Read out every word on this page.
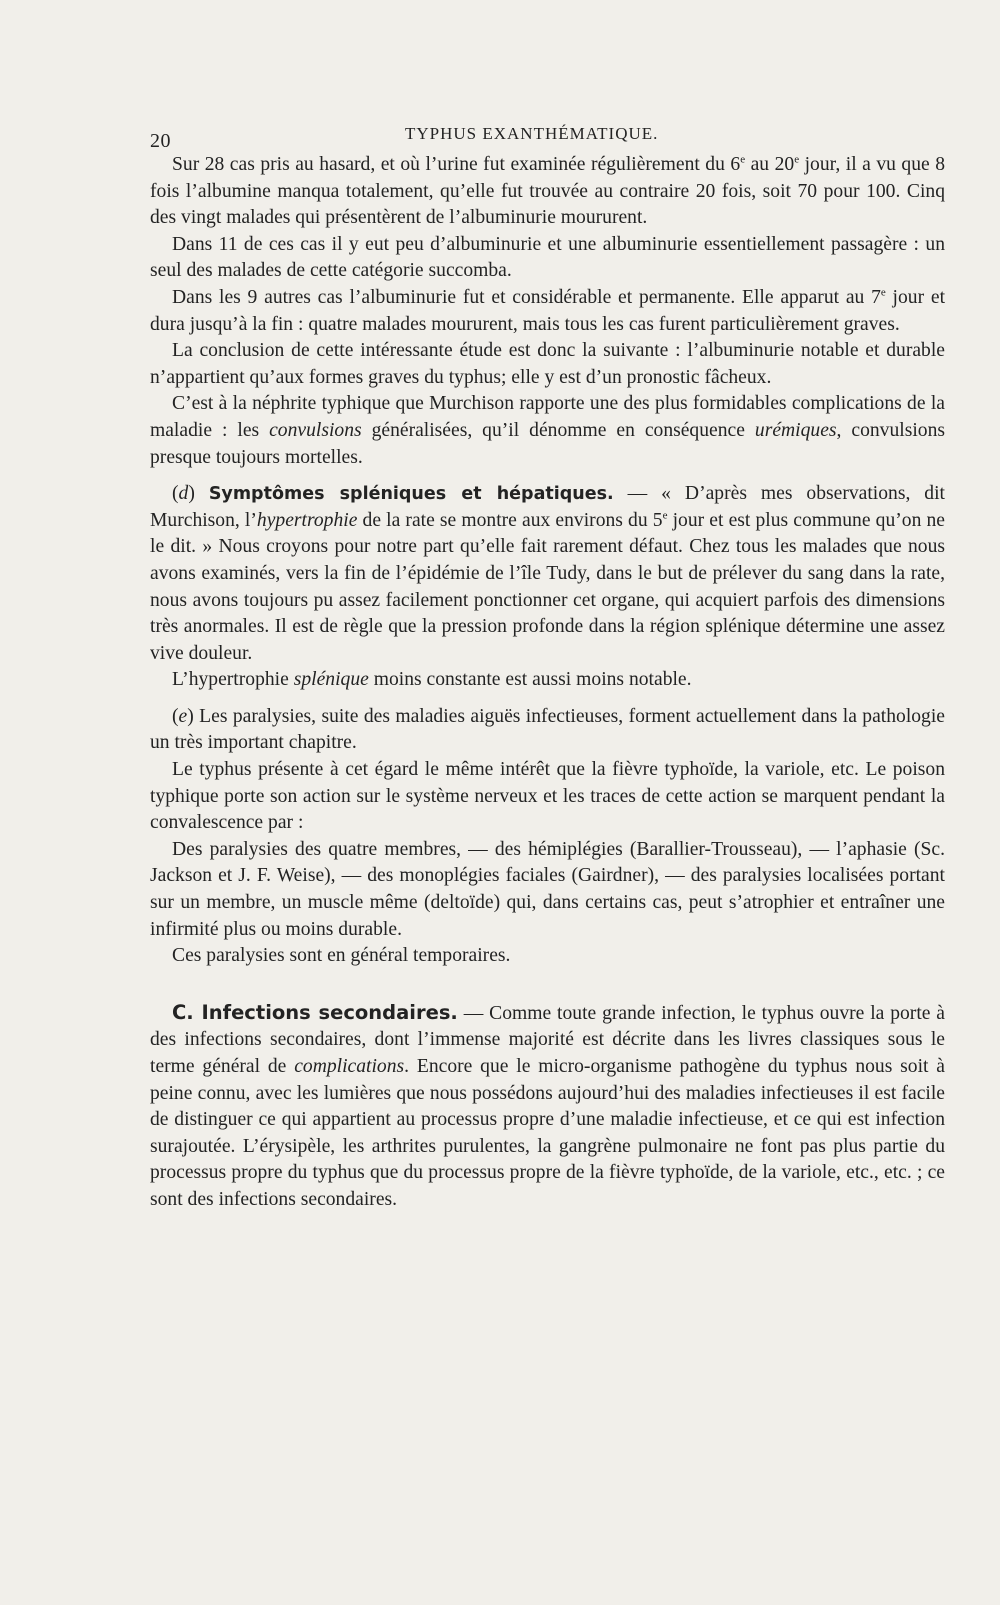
20	TYPHUS EXANTHÉMATIQUE.

Sur 28 cas pris au hasard, et où l’urine fut examinée régulièrement du 6e au 20e jour, il a vu que 8 fois l’albumine manqua totalement, qu’elle fut trouvée au contraire 20 fois, soit 70 pour 100. Cinq des vingt malades qui présentèrent de l’albuminurie moururent.

Dans 11 de ces cas il y eut peu d’albuminurie et une albuminurie essentiellement passagère : un seul des malades de cette catégorie succomba.

Dans les 9 autres cas l’albuminurie fut et considérable et permanente. Elle apparut au 7e jour et dura jusqu’à la fin : quatre malades moururent, mais tous les cas furent particulièrement graves.

La conclusion de cette intéressante étude est donc la suivante : l’albuminurie notable et durable n’appartient qu’aux formes graves du typhus; elle y est d’un pronostic fâcheux.

C’est à la néphrite typhique que Murchison rapporte une des plus formidables complications de la maladie : les convulsions généralisées, qu’il dénomme en conséquence urémiques, convulsions presque toujours mortelles.

(d) Symptômes spléniques et hépatiques. — « D’après mes observations, dit Murchison, l’hypertrophie de la rate se montre aux environs du 5e jour et est plus commune qu’on ne le dit. » Nous croyons pour notre part qu’elle fait rarement défaut. Chez tous les malades que nous avons examinés, vers la fin de l’épidémie de l’île Tudy, dans le but de prélever du sang dans la rate, nous avons toujours pu assez facilement ponctionner cet organe, qui acquiert parfois des dimensions très anormales. Il est de règle que la pression profonde dans la région splénique détermine une assez vive douleur.

L’hypertrophie splénique moins constante est aussi moins notable.

(e) Les paralysies, suite des maladies aiguës infectieuses, forment actuellement dans la pathologie un très important chapitre.

Le typhus présente à cet égard le même intérêt que la fièvre typhoïde, la variole, etc. Le poison typhique porte son action sur le système nerveux et les traces de cette action se marquent pendant la convalescence par :

Des paralysies des quatre membres, — des hémiplégies (Barallier-Trousseau), — l’aphasie (Sc. Jackson et J. F. Weise), — des monoplégies faciales (Gairdner), — des paralysies localisées portant sur un membre, un muscle même (deltoïde) qui, dans certains cas, peut s’atrophier et entraîner une infirmité plus ou moins durable.

Ces paralysies sont en général temporaires.

C. Infections secondaires. — Comme toute grande infection, le typhus ouvre la porte à des infections secondaires, dont l’immense majorité est décrite dans les livres classiques sous le terme général de complications. Encore que le micro-organisme pathogène du typhus nous soit à peine connu, avec les lumières que nous possédons aujourd’hui des maladies infectieuses il est facile de distinguer ce qui appartient au processus propre d’une maladie infectieuse, et ce qui est infection surajoutée. L’érysipèle, les arthrites purulentes, la gangrène pulmonaire ne font pas plus partie du processus propre du typhus que du processus propre de la fièvre typhoïde, de la variole, etc., etc. ; ce sont des infections secondaires.
